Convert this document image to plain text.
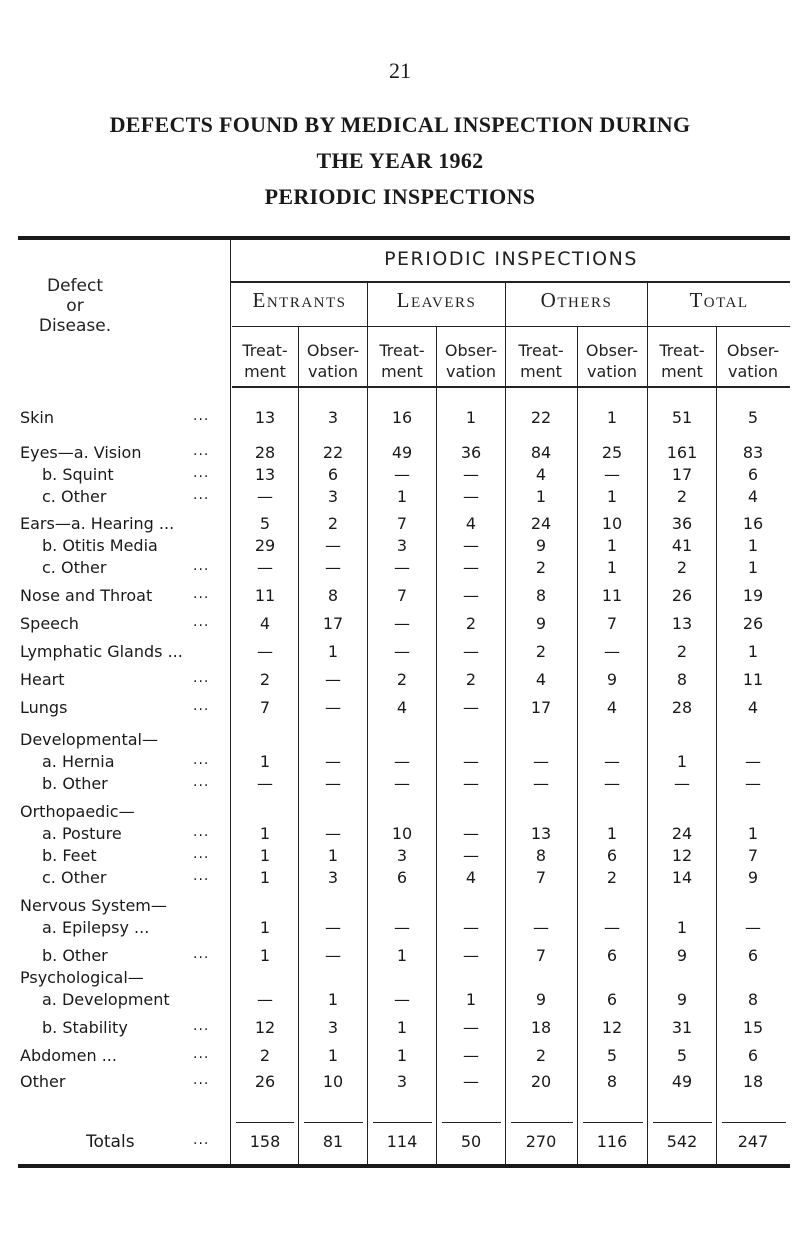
21
DEFECTS FOUND BY MEDICAL INSPECTION DURING
THE YEAR 1962
PERIODIC INSPECTIONS
PERIODIC INSPECTIONS
Defect
or
Disease.
Entrants	Leavers	Others	Total
Treat-
ment
Obser-
vation
Treat-
ment
Obser-
vation
Treat-
ment
Obser-
vation
Treat-
ment
Obser-
vation
Skin	...	13	3	16	1	22	1	51	5
Eyes—a. Vision	...	28	22	49	36	84	25	161	83
b. Squint	...	13	6	—	—	4	—	17	6
c. Other	...	—	3	1	—	1	1	2	4
Ears—a. Hearing ...	5	2	7	4	24	10	36	16
b. Otitis Media	29	—	3	—	9	1	41	1
c. Other	...	—	—	—	—	2	1	2	1
Nose and Throat	...	11	8	7	—	8	11	26	19
Speech	...	4	17	—	2	9	7	13	26
Lymphatic Glands ...	—	1	—	—	2	—	2	1
Heart	...	2	—	2	2	4	9	8	11
Lungs	...	7	—	4	—	17	4	28	4
Developmental—
a. Hernia	...	1	—	—	—	—	—	1	—
b. Other	...	—	—	—	—	—	—	—	—
Orthopaedic—
a. Posture	...	1	—	10	—	13	1	24	1
b. Feet	...	1	1	3	—	8	6	12	7
c. Other	...	1	3	6	4	7	2	14	9
Nervous System—
a. Epilepsy ...	1	—	—	—	—	—	1	—
b. Other	...	1	—	1	—	7	6	9	6
Psychological—
a. Development	—	1	—	1	9	6	9	8
b. Stability	...	12	3	1	—	18	12	31	15
Abdomen ...	...	2	1	1	—	2	5	5	6
Other	...	26	10	3	—	20	8	49	18
Totals	...	158	81	114	50	270	116	542	247
